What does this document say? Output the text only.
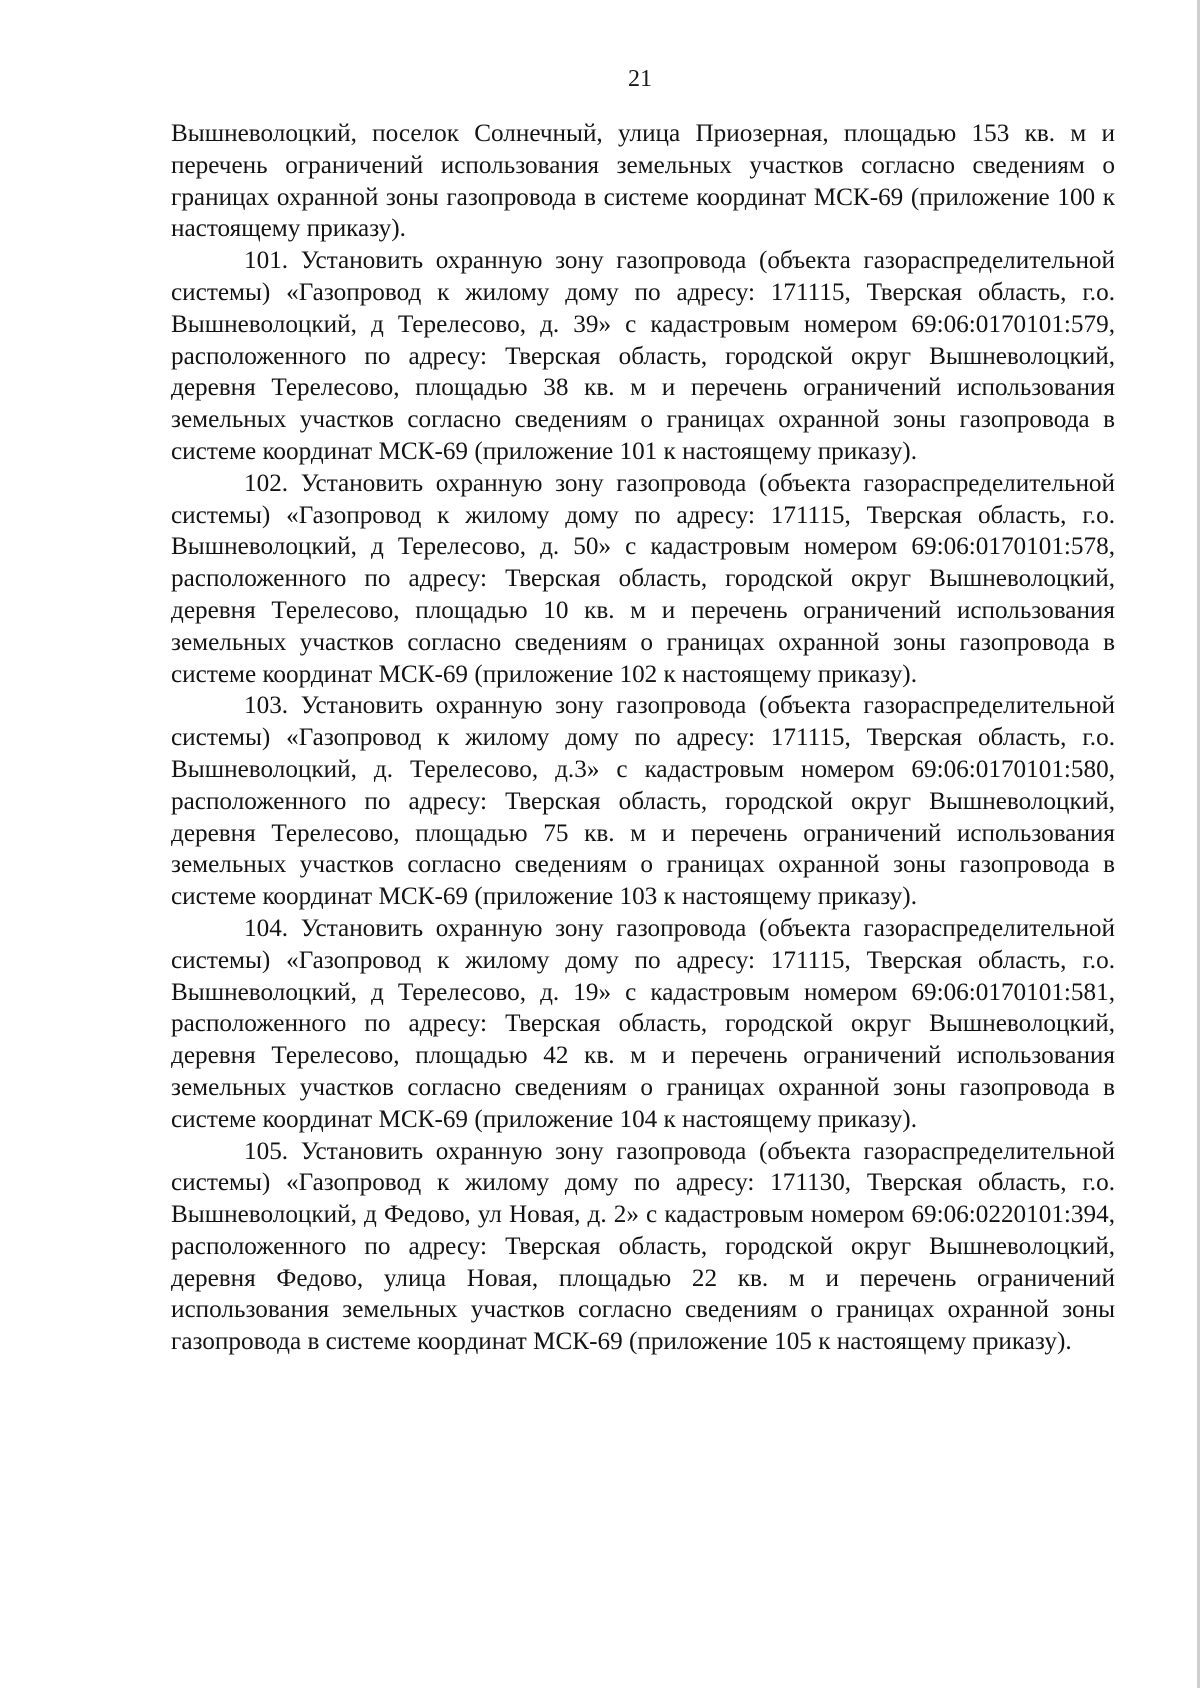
21

Вышневолоцкий, поселок Солнечный, улица Приозерная, площадью 153 кв. м и перечень ограничений использования земельных участков согласно сведениям о границах охранной зоны газопровода в системе координат МСК-69 (приложение 100 к настоящему приказу).

101. Установить охранную зону газопровода (объекта газораспределительной системы) «Газопровод к жилому дому по адресу: 171115, Тверская область, г.о. Вышневолоцкий, д Терелесово, д. 39» с кадастровым номером 69:06:0170101:579, расположенного по адресу: Тверская область, городской округ Вышневолоцкий, деревня Терелесово, площадью 38 кв. м и перечень ограничений использования земельных участков согласно сведениям о границах охранной зоны газопровода в системе координат МСК-69 (приложение 101 к настоящему приказу).

102. Установить охранную зону газопровода (объекта газораспределительной системы) «Газопровод к жилому дому по адресу: 171115, Тверская область, г.о. Вышневолоцкий, д Терелесово, д. 50» с кадастровым номером 69:06:0170101:578, расположенного по адресу: Тверская область, городской округ Вышневолоцкий, деревня Терелесово, площадью 10 кв. м и перечень ограничений использования земельных участков согласно сведениям о границах охранной зоны газопровода в системе координат МСК-69 (приложение 102 к настоящему приказу).

103. Установить охранную зону газопровода (объекта газораспределительной системы) «Газопровод к жилому дому по адресу: 171115, Тверская область, г.о. Вышневолоцкий, д. Терелесово, д.3» с кадастровым номером 69:06:0170101:580, расположенного по адресу: Тверская область, городской округ Вышневолоцкий, деревня Терелесово, площадью 75 кв. м и перечень ограничений использования земельных участков согласно сведениям о границах охранной зоны газопровода в системе координат МСК-69 (приложение 103 к настоящему приказу).

104. Установить охранную зону газопровода (объекта газораспределительной системы) «Газопровод к жилому дому по адресу: 171115, Тверская область, г.о. Вышневолоцкий, д Терелесово, д. 19» с кадастровым номером 69:06:0170101:581, расположенного по адресу: Тверская область, городской округ Вышневолоцкий, деревня Терелесово, площадью 42 кв. м и перечень ограничений использования земельных участков согласно сведениям о границах охранной зоны газопровода в системе координат МСК-69 (приложение 104 к настоящему приказу).

105. Установить охранную зону газопровода (объекта газораспределительной системы) «Газопровод к жилому дому по адресу: 171130, Тверская область, г.о. Вышневолоцкий, д Федово, ул Новая, д. 2» с кадастровым номером 69:06:0220101:394, расположенного по адресу: Тверская область, городской округ Вышневолоцкий, деревня Федово, улица Новая, площадью 22 кв. м и перечень ограничений использования земельных участков согласно сведениям о границах охранной зоны газопровода в системе координат МСК-69 (приложение 105 к настоящему приказу).
